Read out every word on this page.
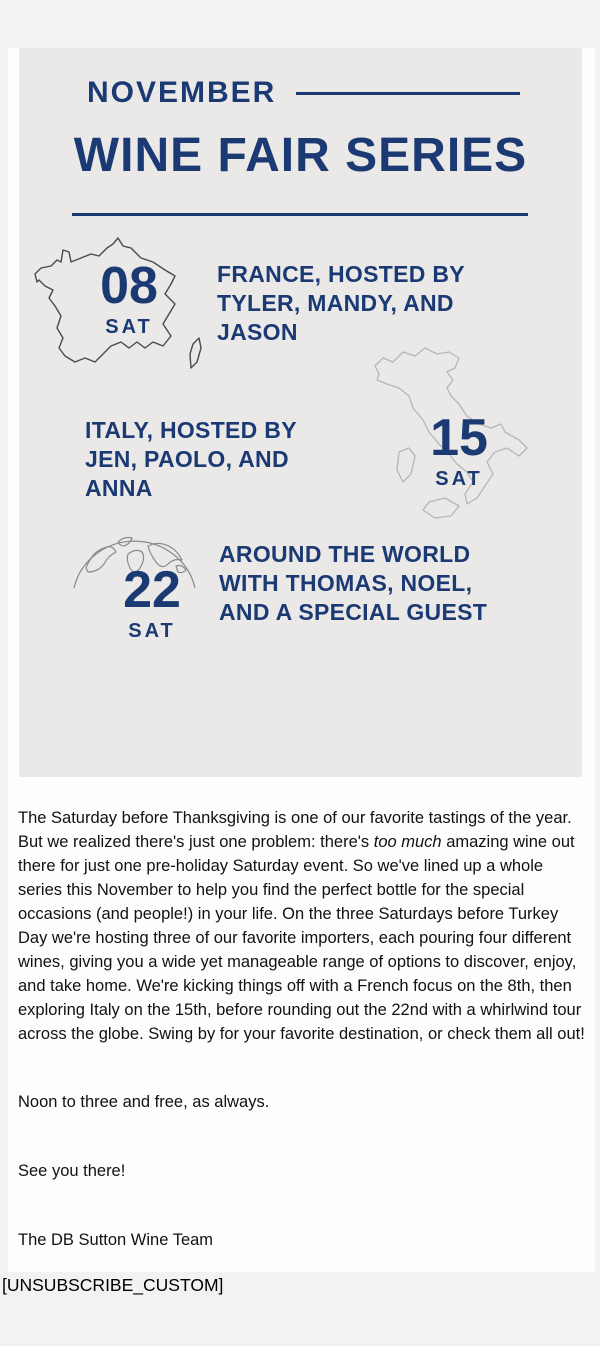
NOVEMBER
WINE FAIR SERIES
08
SAT
FRANCE, HOSTED BY
TYLER, MANDY, AND
JASON
ITALY, HOSTED BY
JEN, PAOLO, AND
ANNA
15
SAT
22
SAT
AROUND THE WORLD
WITH THOMAS, NOEL,
AND A SPECIAL GUEST

The Saturday before Thanksgiving is one of our favorite tastings of the year. But we realized there's just one problem: there's too much amazing wine out there for just one pre-holiday Saturday event. So we've lined up a whole series this November to help you find the perfect bottle for the special occasions (and people!) in your life. On the three Saturdays before Turkey Day we're hosting three of our favorite importers, each pouring four different wines, giving you a wide yet manageable range of options to discover, enjoy, and take home. We're kicking things off with a French focus on the 8th, then exploring Italy on the 15th, before rounding out the 22nd with a whirlwind tour across the globe. Swing by for your favorite destination, or check them all out!

Noon to three and free, as always.

See you there!

The DB Sutton Wine Team

[UNSUBSCRIBE_CUSTOM]
